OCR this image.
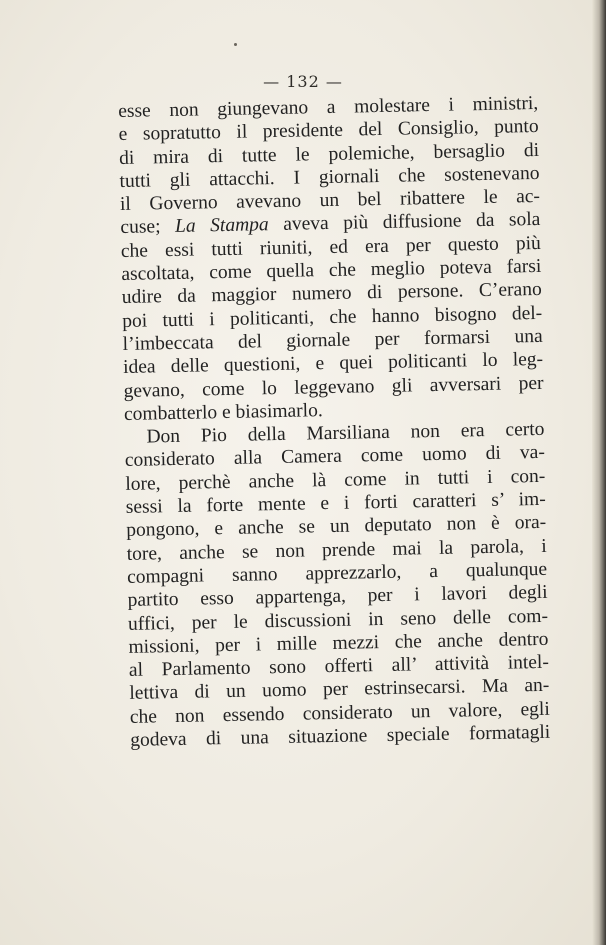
— 132 —
esse non giungevano a molestare i ministri,
e sopratutto il presidente del Consiglio, punto
di mira di tutte le polemiche, bersaglio di
tutti gli attacchi. I giornali che sostenevano
il Governo avevano un bel ribattere le ac-
cuse; La Stampa aveva più diffusione da sola
che essi tutti riuniti, ed era per questo più
ascoltata, come quella che meglio poteva farsi
udire da maggior numero di persone. C’erano
poi tutti i politicanti, che hanno bisogno del-
l’imbeccata del giornale per formarsi una
idea delle questioni, e quei politicanti lo leg-
gevano, come lo leggevano gli avversari per
combatterlo e biasimarlo.
Don Pio della Marsiliana non era certo
considerato alla Camera come uomo di va-
lore, perchè anche là come in tutti i con-
sessi la forte mente e i forti caratteri s’ im-
pongono, e anche se un deputato non è ora-
tore, anche se non prende mai la parola, i
compagni sanno apprezzarlo, a qualunque
partito esso appartenga, per i lavori degli
uffici, per le discussioni in seno delle com-
missioni, per i mille mezzi che anche dentro
al Parlamento sono offerti all’ attività intel-
lettiva di un uomo per estrinsecarsi. Ma an-
che non essendo considerato un valore, egli
godeva di una situazione speciale formatagli
